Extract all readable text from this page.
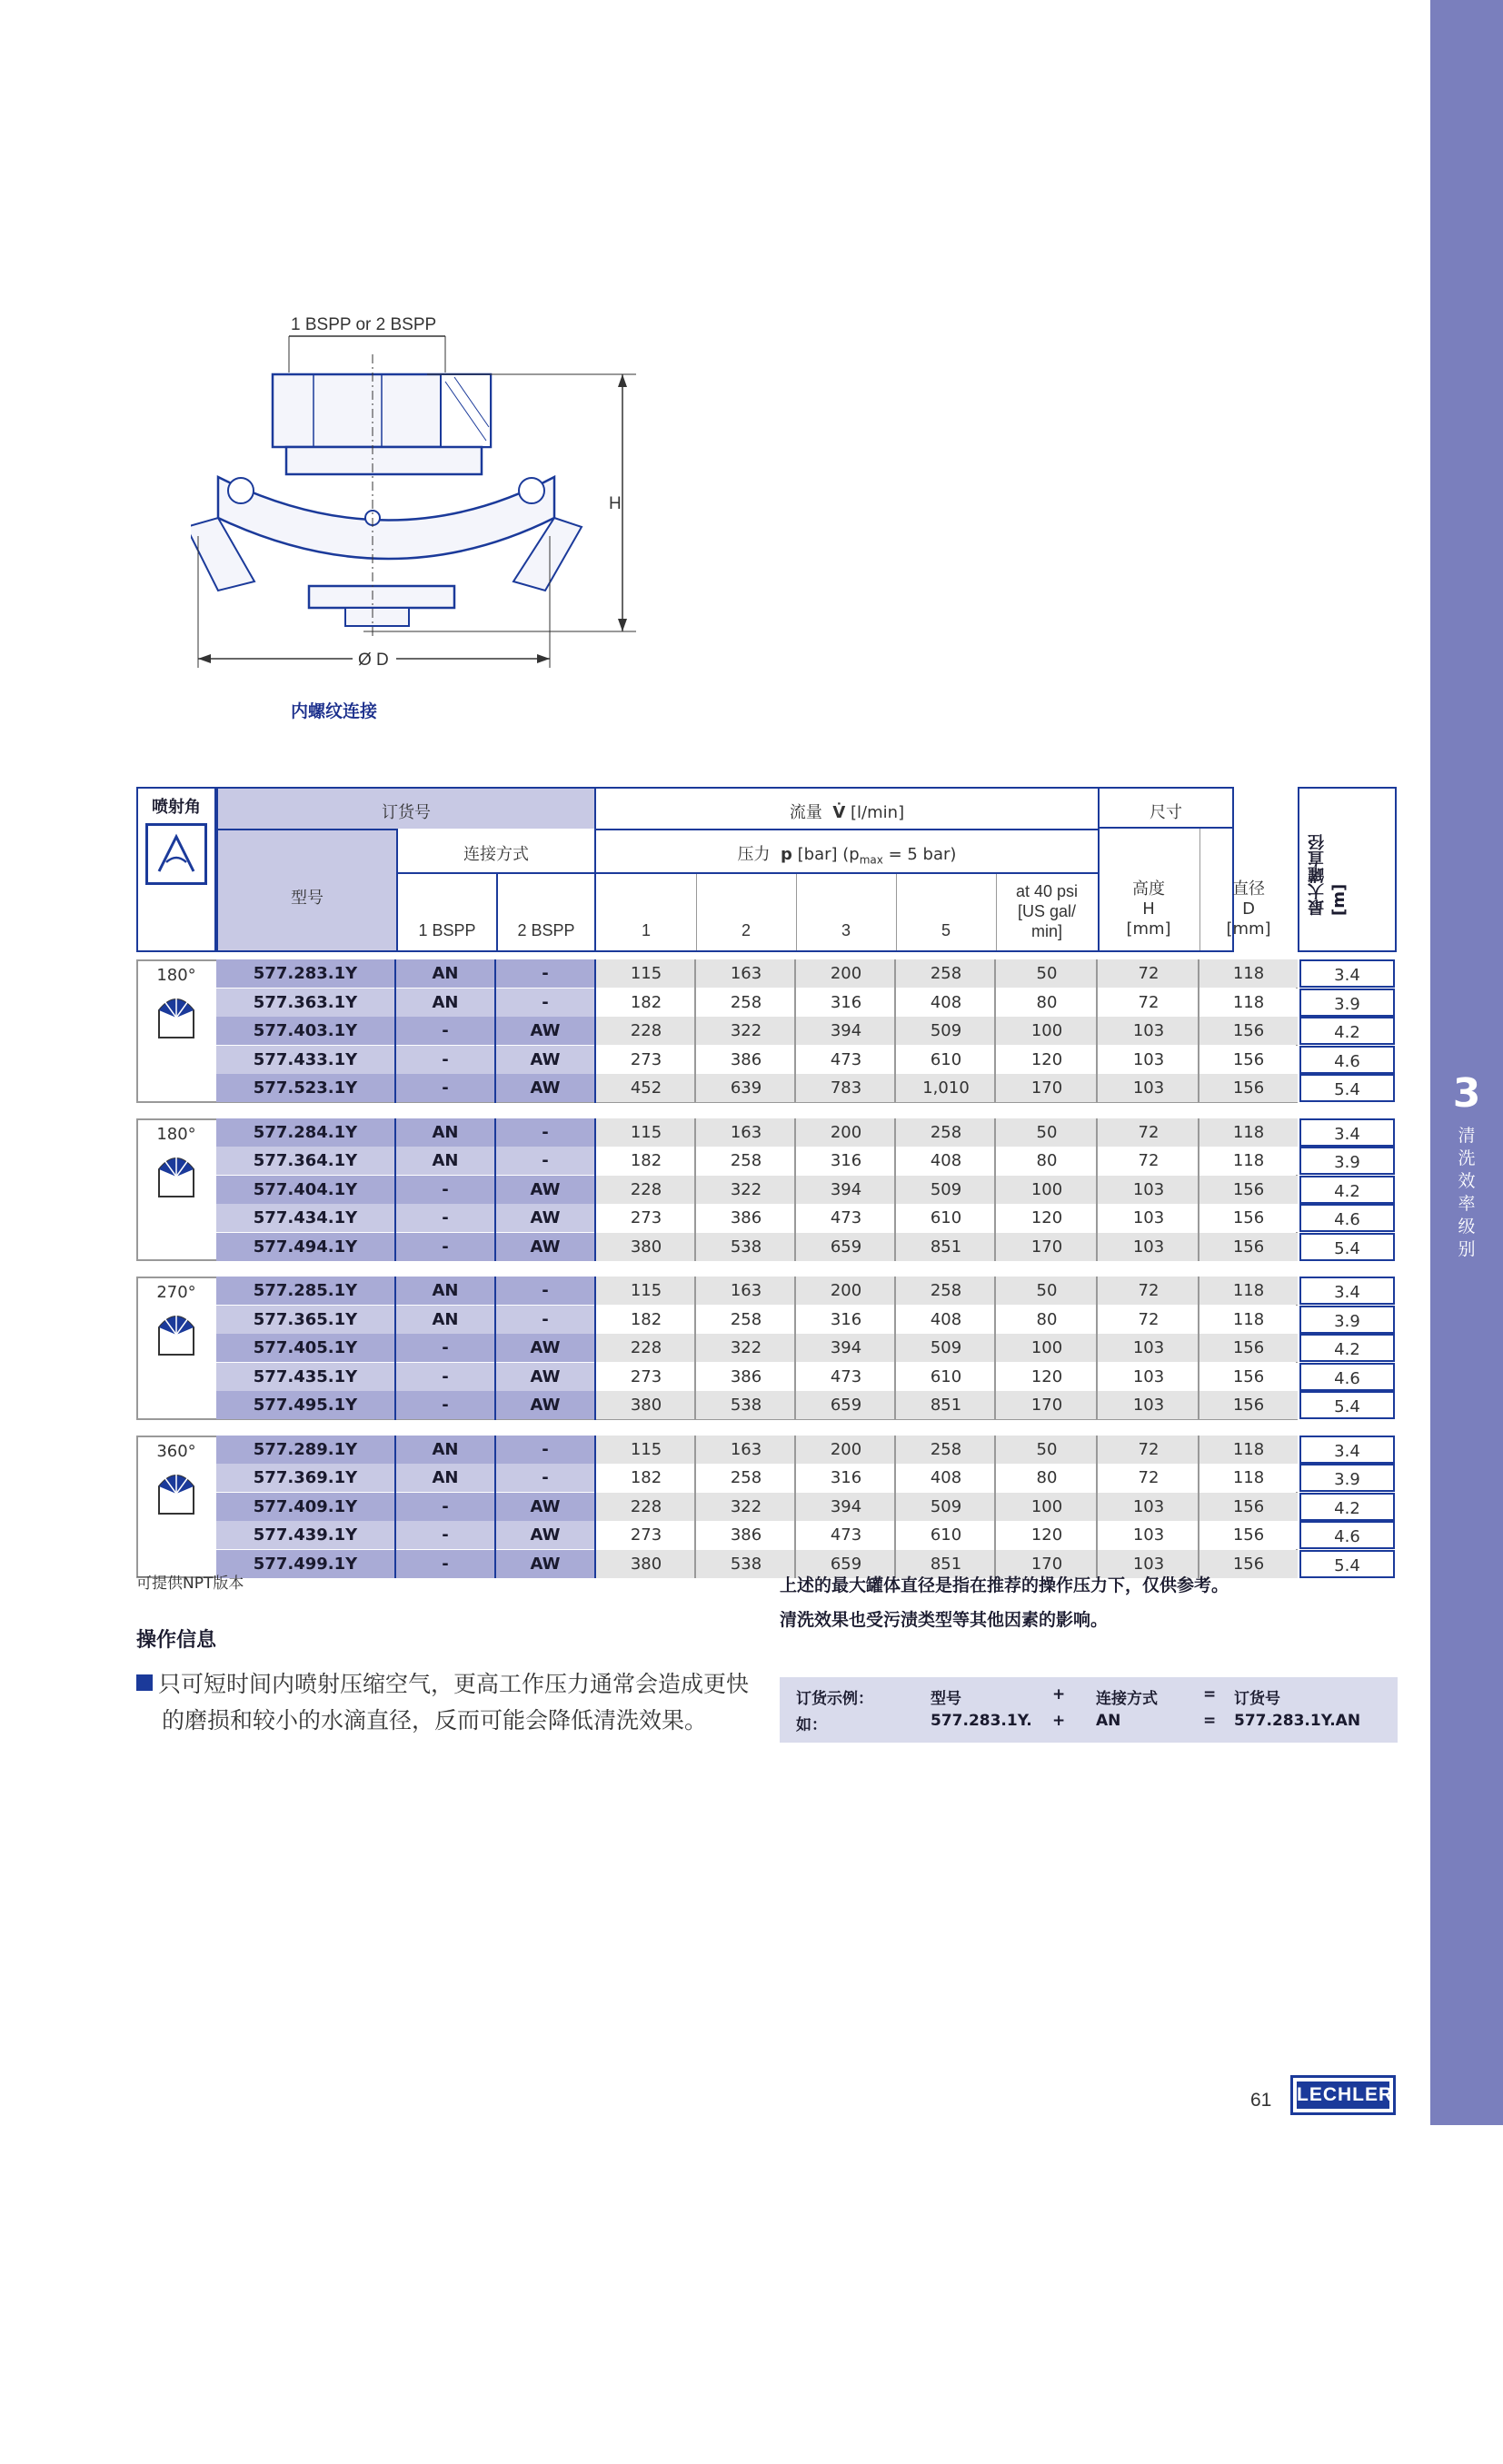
3
清
洗
效
率
级
别
1 BSPP or 2 BSPP
H
Ø D
内螺纹连接
喷射角	订货号
型号
连接方式
1 BSPP	2 BSPP
流量 V̇ [l/min]
压力 p [bar] ($p_{max} = 5$ bar)
1	2	3	5
at 40 psi
[US gal/
min]
尺寸
高度
H
[mm]
直径
D
[mm]
最大罐直径 [m]
180°	577.283.1Y	AN	-	115	163	200	258	50	72	118	3.4
577.363.1Y	AN	-	182	258	316	408	80	72	118	3.9
577.403.1Y	-	AW	228	322	394	509	100	103	156	4.2
577.433.1Y	-	AW	273	386	473	610	120	103	156	4.6
577.523.1Y	-	AW	452	639	783	1,010	170	103	156	5.4
180°	577.284.1Y	AN	-	115	163	200	258	50	72	118	3.4
577.364.1Y	AN	-	182	258	316	408	80	72	118	3.9
577.404.1Y	-	AW	228	322	394	509	100	103	156	4.2
577.434.1Y	-	AW	273	386	473	610	120	103	156	4.6
577.494.1Y	-	AW	380	538	659	851	170	103	156	5.4
270°	577.285.1Y	AN	-	115	163	200	258	50	72	118	3.4
577.365.1Y	AN	-	182	258	316	408	80	72	118	3.9
577.405.1Y	-	AW	228	322	394	509	100	103	156	4.2
577.435.1Y	-	AW	273	386	473	610	120	103	156	4.6
577.495.1Y	-	AW	380	538	659	851	170	103	156	5.4
360°	577.289.1Y	AN	-	115	163	200	258	50	72	118	3.4
577.369.1Y	AN	-	182	258	316	408	80	72	118	3.9
577.409.1Y	-	AW	228	322	394	509	100	103	156	4.2
577.439.1Y	-	AW	273	386	473	610	120	103	156	4.6
577.499.1Y	-	AW	380	538	659	851	170	103	156	5.4
可提供NPT版本	上述的最大罐体直径是指在推荐的操作压力下，仅供参考。
清洗效果也受污渍类型等其他因素的影响。
操作信息
只可短时间内喷射压缩空气，更高工作压力通常会造成更快
的磨损和较小的水滴直径，反而可能会降低清洗效果。
订货示例：	型号	+ 连接方式	= 订货号
如：	577.283.1Y. + AN	= 577.283.1Y.AN
61 LECHLER
